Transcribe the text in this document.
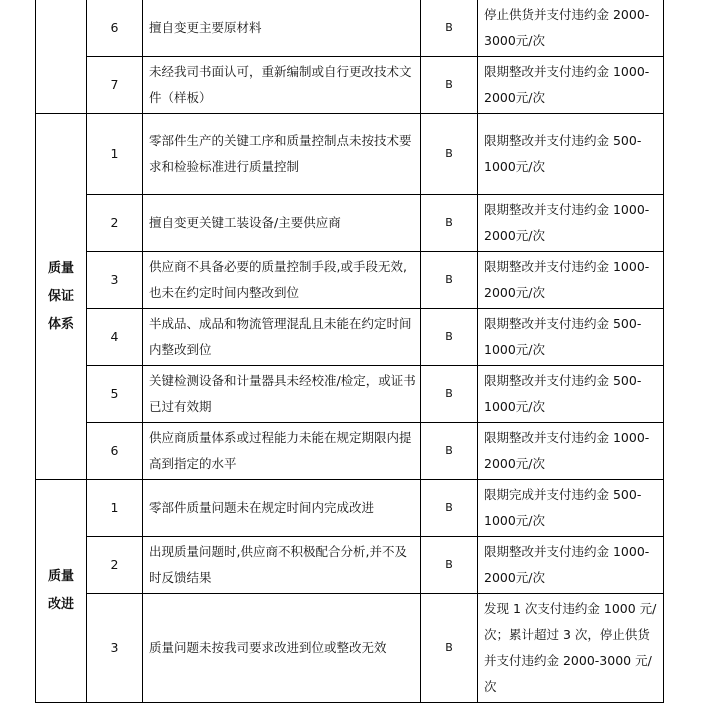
	6	擅自变更主要原材料	B	停止供货并支付违约金 2000-3000元/次
	7	未经我司书面认可，重新编制或自行更改技术文件（样板）	B	限期整改并支付违约金 1000-2000元/次
质量保证体系	1	零部件生产的关键工序和质量控制点未按技术要求和检验标准进行质量控制	B	限期整改并支付违约金 500-1000元/次
	2	擅自变更关键工装设备/主要供应商	B	限期整改并支付违约金 1000-2000元/次
	3	供应商不具备必要的质量控制手段,或手段无效,也未在约定时间内整改到位	B	限期整改并支付违约金 1000-2000元/次
	4	半成品、成品和物流管理混乱且未能在约定时间内整改到位	B	限期整改并支付违约金 500-1000元/次
	5	关键检测设备和计量器具未经校准/检定，或证书已过有效期	B	限期整改并支付违约金 500-1000元/次
	6	供应商质量体系或过程能力未能在规定期限内提高到指定的水平	B	限期整改并支付违约金 1000-2000元/次
质量改进	1	零部件质量问题未在规定时间内完成改进	B	限期完成并支付违约金 500-1000元/次
	2	出现质量问题时,供应商不积极配合分析,并不及时反馈结果	B	限期整改并支付违约金 1000-2000元/次
	3	质量问题未按我司要求改进到位或整改无效	B	发现 1 次支付违约金 1000 元/次；累计超过 3 次，停止供货并支付违约金 2000-3000 元/次
